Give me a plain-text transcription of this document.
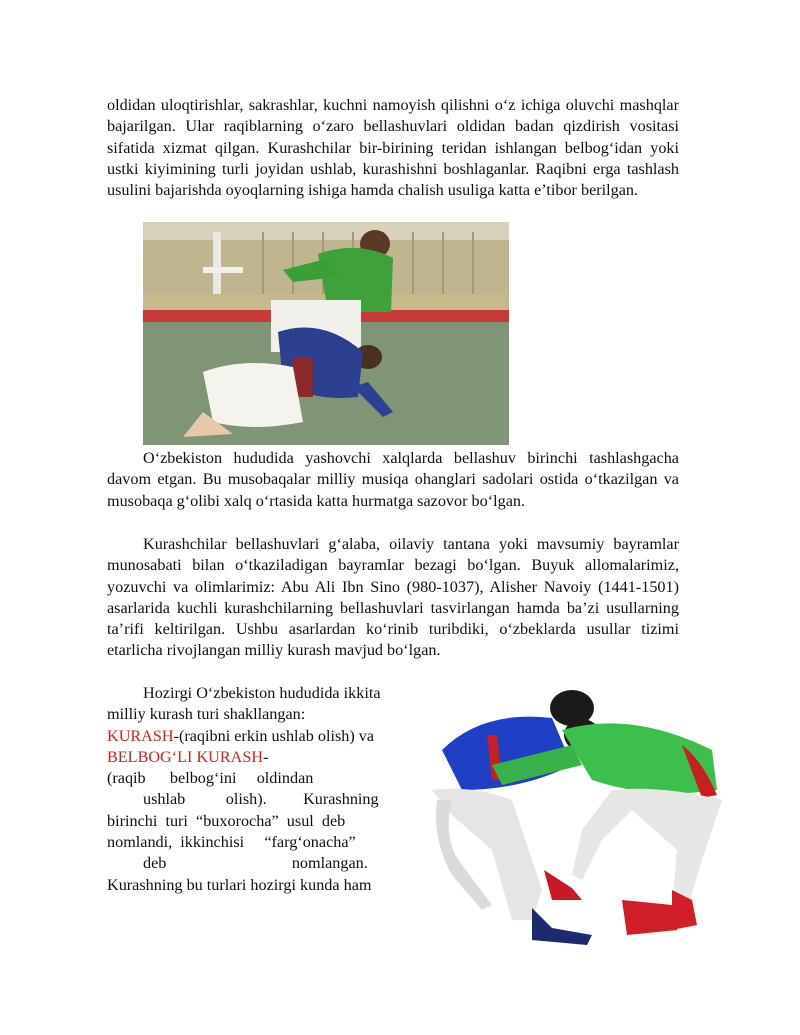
oldidan uloqtirishlar, sakrashlar, kuchni namoyish qilishni o‘z ichiga oluvchi mashqlar bajarilgan. Ular raqiblarning o‘zaro bellashuvlari oldidan badan qizdirish vositasi sifatida xizmat qilgan. Kurashchilar bir-birining teridan ishlangan belbog‘idan yoki ustki kiyimining turli joyidan ushlab, kurashishni boshlaganlar. Raqibni erga tashlash usulini bajarishda oyoqlarning ishiga hamda chalish usuliga katta e’tibor berilgan.

O‘zbekiston hududida yashovchi xalqlarda bellashuv birinchi tashlashgacha davom etgan. Bu musobaqalar milliy musiqa ohanglari sadolari ostida o‘tkazilgan va musobaqa g‘olibi xalq o‘rtasida katta hurmatga sazovor bo‘lgan.

Kurashchilar bellashuvlari g‘alaba, oilaviy tantana yoki mavsumiy bayramlar munosabati bilan o‘tkaziladigan bayramlar bezagi bo‘lgan. Buyuk allomalarimiz, yozuvchi va olimlarimiz: Abu Ali Ibn Sino (980-1037), Alisher Navoiy (1441-1501) asarlarida kuchli kurashchilarning bellashuvlari tasvirlangan hamda ba’zi usullarning ta’rifi keltirilgan. Ushbu asarlardan ko‘rinib turibdiki, o‘zbeklarda usullar tizimi etarlicha rivojlangan milliy kurash mavjud bo‘lgan.

Hozirgi O‘zbekiston hududida ikkita
milliy kurash turi shakllangan:
KURASH-(raqibni erkin ushlab olish) va
BELBOG‘LI KURASH-
(raqib      belbog‘ini     oldindan
ushlab          olish).         Kurashning
birinchi  turi  “buxorocha”  usul  deb
nomlandi,  ikkinchisi     “farg‘onacha”
deb                               nomlangan.
Kurashning bu turlari hozirgi kunda ham
